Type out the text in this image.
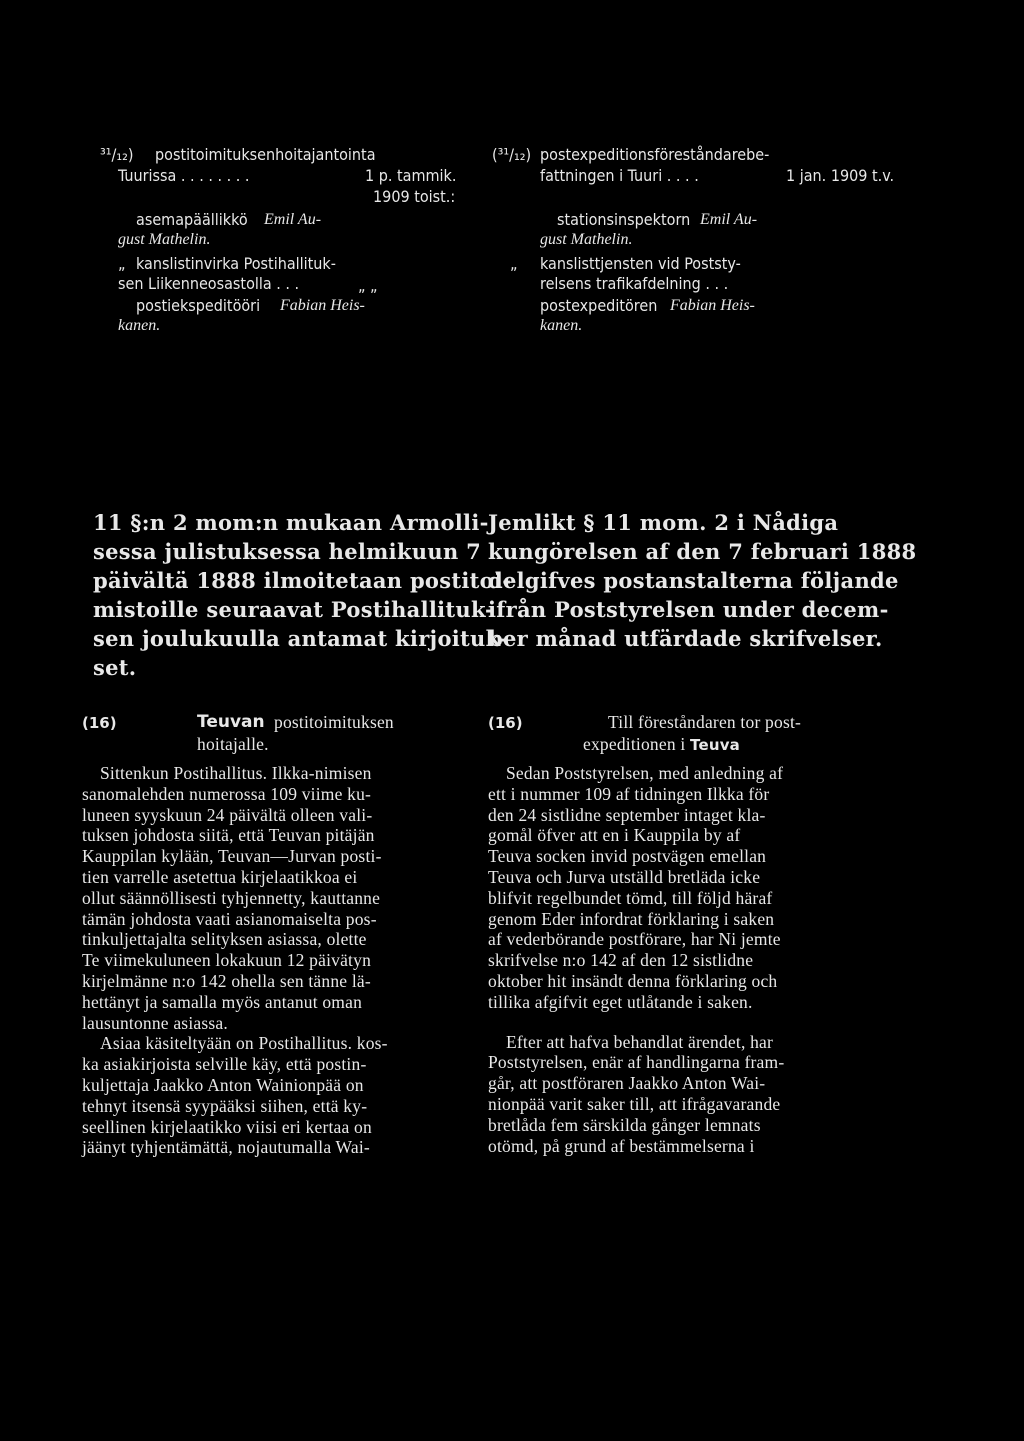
³¹/₁₂) postitoimituksenhoitajantointa
Tuurissa . . . . . . . .	1 p. tammik.
1909 toist.:
asemapäällikkö Emil Au-
gust Mathelin.
„ kanslistinvirka Postihallituk-
sen Liikenneosastolla . . .	„ „
postiekspeditööri Fabian Heis-
kanen.
(³¹/₁₂) postexpeditionsföreståndarebe-
fattningen i Tuuri . . . .	1 jan. 1909 t.v.
stationsinspektorn Emil Au-
gust Mathelin.
„ kanslisttjensten vid Poststy-
relsens trafikafdelning . . .
postexpeditören Fabian Heis-
kanen.
11 §:n 2 mom:n mukaan Armolli-
sessa julistuksessa helmikuun 7
päivältä 1888 ilmoitetaan postitoi-
mistoille seuraavat Postihallituk-
sen joulukuulla antamat kirjoituk-
set.
Jemlikt § 11 mom. 2 i Nådiga
kungörelsen af den 7 februari 1888
delgifves postanstalterna följande
ifrån Poststyrelsen under decem-
ber månad utfärdade skrifvelser.
(16)	Teuvan postitoimituksen
hoitajalle.
Sittenkun Postihallitus. Ilkka-nimisen
sanomalehden numerossa 109 viime ku-
luneen syyskuun 24 päivältä olleen vali-
tuksen johdosta siitä, että Teuvan pitäjän
Kauppilan kylään, Teuvan—Jurvan posti-
tien varrelle asetettua kirjelaatikkoa ei
ollut säännöllisesti tyhjennetty, kauttanne
tämän johdosta vaati asianomaiselta pos-
tinkuljettajalta selityksen asiassa, olette
Te viimekuluneen lokakuun 12 päivätyn
kirjelmänne n:o 142 ohella sen tänne lä-
hettänyt ja samalla myös antanut oman
lausuntonne asiassa.
Asiaa käsiteltyään on Postihallitus. kos-
ka asiakirjoista selville käy, että postin-
kuljettaja Jaakko Anton Wainionpää on
tehnyt itsensä syypääksi siihen, että ky-
seellinen kirjelaatikko viisi eri kertaa on
jäänyt tyhjentämättä, nojautumalla Wai-
(16)	Till föreståndaren tor post-
expeditionen i Teuva
Sedan Poststyrelsen, med anledning af
ett i nummer 109 af tidningen Ilkka för
den 24 sistlidne september intaget kla-
gomål öfver att en i Kauppila by af
Teuva socken invid postvägen emellan
Teuva och Jurva utställd bretläda icke
blifvit regelbundet tömd, till följd häraf
genom Eder infordrat förklaring i saken
af vederbörande postförare, har Ni jemte
skrifvelse n:o 142 af den 12 sistlidne
oktober hit insändt denna förklaring och
tillika afgifvit eget utlåtande i saken.
Efter att hafva behandlat ärendet, har
Poststyrelsen, enär af handlingarna fram-
går, att postföraren Jaakko Anton Wai-
nionpää varit saker till, att ifrågavarande
bretlåda fem särskilda gånger lemnats
otömd, på grund af bestämmelserna i
